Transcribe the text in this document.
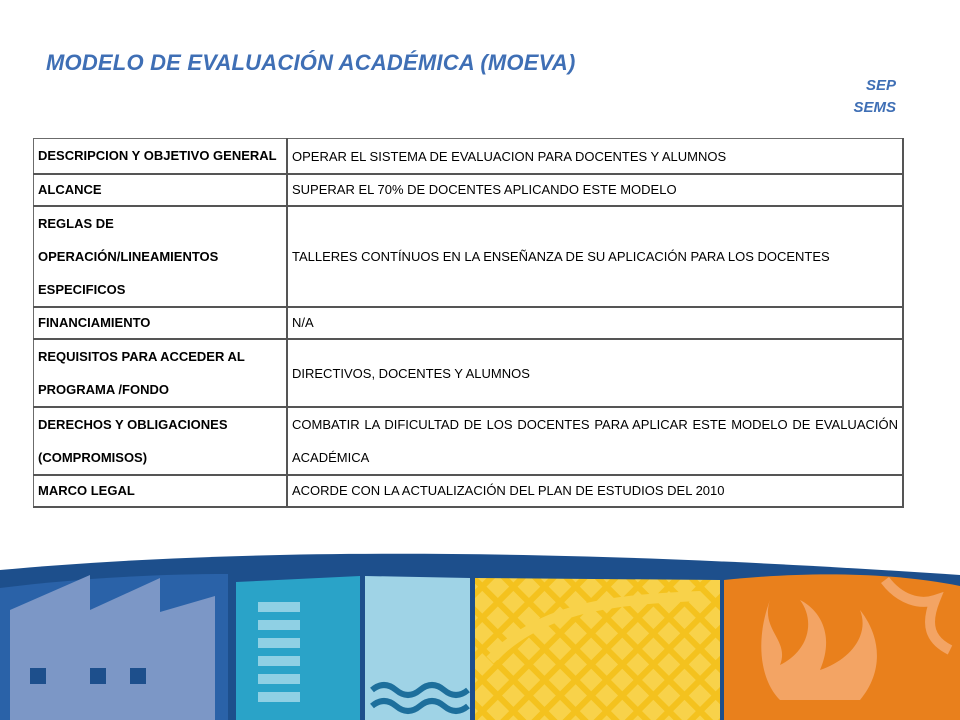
MODELO DE EVALUACIÓN ACADÉMICA (MOEVA)
SEP
SEMS
DESCRIPCION Y OBJETIVO GENERAL	OPERAR EL SISTEMA DE EVALUACION PARA DOCENTES Y ALUMNOS
ALCANCE	SUPERAR EL 70% DE DOCENTES APLICANDO ESTE MODELO
REGLAS DE OPERACIÓN/LINEAMIENTOS ESPECIFICOS	TALLERES CONTÍNUOS EN LA ENSEÑANZA DE SU APLICACIÓN PARA LOS DOCENTES
FINANCIAMIENTO	N/A
REQUISITOS PARA ACCEDER AL PROGRAMA /FONDO	DIRECTIVOS, DOCENTES Y ALUMNOS
DERECHOS Y OBLIGACIONES (COMPROMISOS)	COMBATIR LA DIFICULTAD DE LOS DOCENTES PARA APLICAR ESTE MODELO DE EVALUACIÓN ACADÉMICA
MARCO LEGAL	ACORDE CON LA ACTUALIZACIÓN DEL PLAN DE ESTUDIOS DEL 2010
